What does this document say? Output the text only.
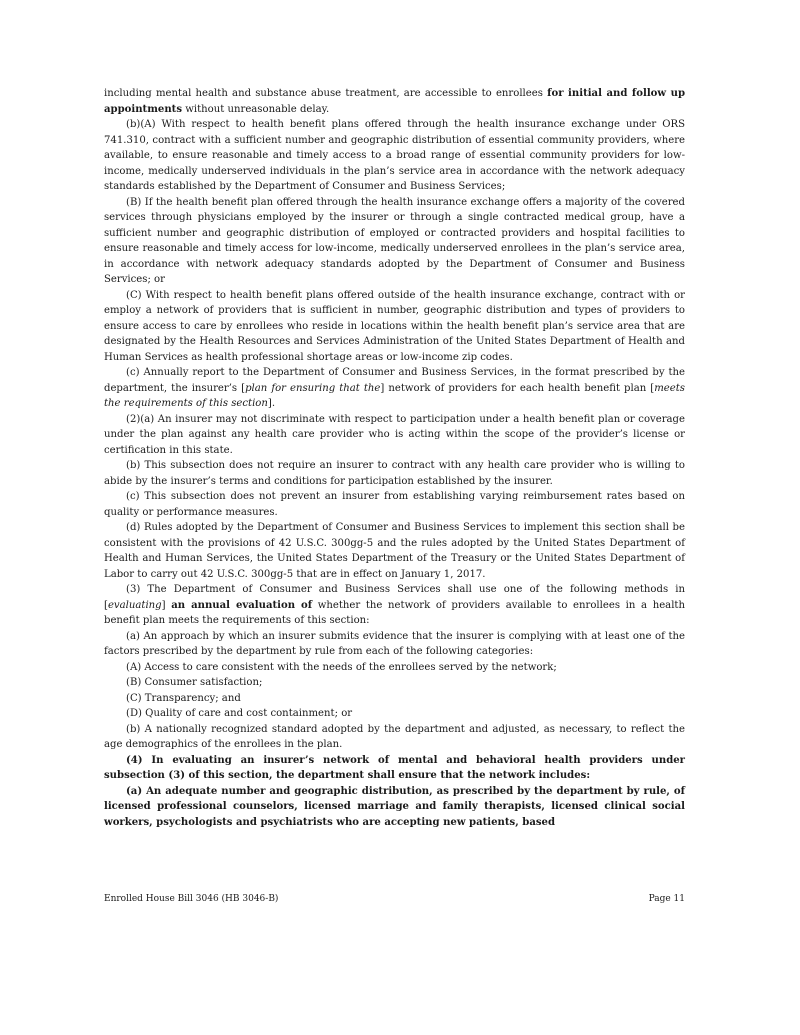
including mental health and substance abuse treatment, are accessible to enrollees for initial and follow up appointments without unreasonable delay.

(b)(A) With respect to health benefit plans offered through the health insurance exchange under ORS 741.310, contract with a sufficient number and geographic distribution of essential community providers, where available, to ensure reasonable and timely access to a broad range of essential community providers for low-income, medically underserved individuals in the plan’s service area in accordance with the network adequacy standards established by the Department of Consumer and Business Services;

(B) If the health benefit plan offered through the health insurance exchange offers a majority of the covered services through physicians employed by the insurer or through a single contracted medical group, have a sufficient number and geographic distribution of employed or contracted providers and hospital facilities to ensure reasonable and timely access for low-income, medically underserved enrollees in the plan’s service area, in accordance with network adequacy standards adopted by the Department of Consumer and Business Services; or

(C) With respect to health benefit plans offered outside of the health insurance exchange, contract with or employ a network of providers that is sufficient in number, geographic distribution and types of providers to ensure access to care by enrollees who reside in locations within the health benefit plan’s service area that are designated by the Health Resources and Services Administration of the United States Department of Health and Human Services as health professional shortage areas or low-income zip codes.

(c) Annually report to the Department of Consumer and Business Services, in the format prescribed by the department, the insurer’s [plan for ensuring that the] network of providers for each health benefit plan [meets the requirements of this section].

(2)(a) An insurer may not discriminate with respect to participation under a health benefit plan or coverage under the plan against any health care provider who is acting within the scope of the provider’s license or certification in this state.

(b) This subsection does not require an insurer to contract with any health care provider who is willing to abide by the insurer’s terms and conditions for participation established by the insurer.

(c) This subsection does not prevent an insurer from establishing varying reimbursement rates based on quality or performance measures.

(d) Rules adopted by the Department of Consumer and Business Services to implement this section shall be consistent with the provisions of 42 U.S.C. 300gg-5 and the rules adopted by the United States Department of Health and Human Services, the United States Department of the Treasury or the United States Department of Labor to carry out 42 U.S.C. 300gg-5 that are in effect on January 1, 2017.

(3) The Department of Consumer and Business Services shall use one of the following methods in [evaluating] an annual evaluation of whether the network of providers available to enrollees in a health benefit plan meets the requirements of this section:

(a) An approach by which an insurer submits evidence that the insurer is complying with at least one of the factors prescribed by the department by rule from each of the following categories:

(A) Access to care consistent with the needs of the enrollees served by the network;

(B) Consumer satisfaction;

(C) Transparency; and

(D) Quality of care and cost containment; or

(b) A nationally recognized standard adopted by the department and adjusted, as necessary, to reflect the age demographics of the enrollees in the plan.

(4) In evaluating an insurer’s network of mental and behavioral health providers under subsection (3) of this section, the department shall ensure that the network includes:

(a) An adequate number and geographic distribution, as prescribed by the department by rule, of licensed professional counselors, licensed marriage and family therapists, licensed clinical social workers, psychologists and psychiatrists who are accepting new patients, based

Enrolled House Bill 3046 (HB 3046-B)	Page 11
